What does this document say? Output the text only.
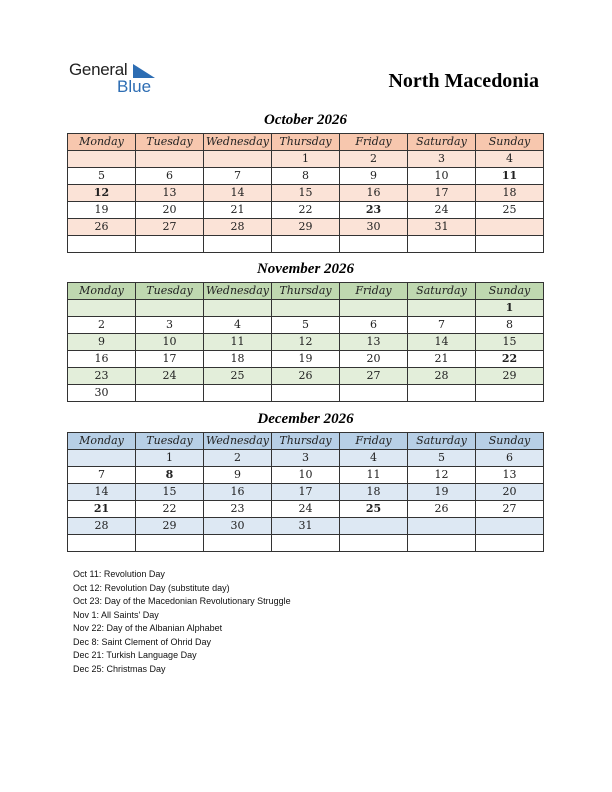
General
Blue	North Macedonia
October 2026
Monday	Tuesday	Wednesday	Thursday	Friday	Saturday	Sunday
			1	2	3	4
5	6	7	8	9	10	11
12	13	14	15	16	17	18
19	20	21	22	23	24	25
26	27	28	29	30	31	

November 2026
Monday	Tuesday	Wednesday	Thursday	Friday	Saturday	Sunday
						1
2	3	4	5	6	7	8
9	10	11	12	13	14	15
16	17	18	19	20	21	22
23	24	25	26	27	28	29
30						
December 2026
Monday	Tuesday	Wednesday	Thursday	Friday	Saturday	Sunday
	1	2	3	4	5	6
7	8	9	10	11	12	13
14	15	16	17	18	19	20
21	22	23	24	25	26	27
28	29	30	31			

Oct 11: Revolution Day
Oct 12: Revolution Day (substitute day)
Oct 23: Day of the Macedonian Revolutionary Struggle
Nov 1: All Saints' Day
Nov 22: Day of the Albanian Alphabet
Dec 8: Saint Clement of Ohrid Day
Dec 21: Turkish Language Day
Dec 25: Christmas Day
